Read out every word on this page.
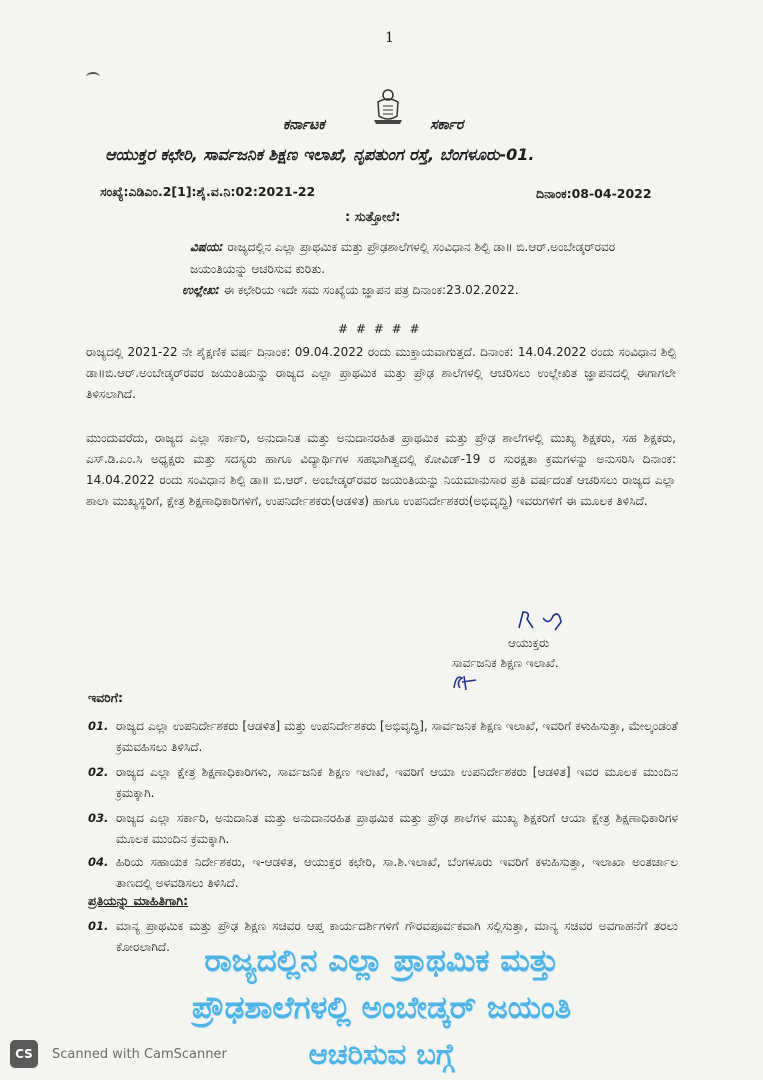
1
ಕರ್ನಾಟಕ	ಸರ್ಕಾರ
ಆಯುಕ್ತರ ಕಛೇರಿ, ಸಾರ್ವಜನಿಕ ಶಿಕ್ಷಣ ಇಲಾಖೆ, ನೃಪತುಂಗ ರಸ್ತೆ, ಬೆಂಗಳೂರು-01.
ಸಂಖ್ಯೆ:ಎಡಿಎಂ.2[1]:ಶೈ.ವ.ನಿ:02:2021-22	ದಿನಾಂಕ:08-04-2022
: ಸುತ್ತೋಲೆ:
ವಿಷಯ: ರಾಜ್ಯದಲ್ಲಿನ ಎಲ್ಲಾ ಪ್ರಾಥಮಿಕ ಮತ್ತು ಪ್ರೌಢಶಾಲೆಗಳಲ್ಲಿ ಸಂವಿಧಾನ ಶಿಲ್ಪಿ ಡಾ॥ ಬಿ.ಆರ್.ಅಂಬೇಡ್ಕರ್‌ರವರ ಜಯಂತಿಯನ್ನು ಆಚರಿಸುವ ಕುರಿತು.
ಉಲ್ಲೇಖ: ಈ ಕಛೇರಿಯ ಇದೇ ಸಮ ಸಂಖ್ಯೆಯ ಜ್ಞಾಪನ ಪತ್ರ ದಿನಾಂಕ:23.02.2022.
# # # # #
ರಾಜ್ಯದಲ್ಲಿ 2021-22 ನೇ ಶೈಕ್ಷಣಿಕ ವರ್ಷ ದಿನಾಂಕ: 09.04.2022 ರಂದು ಮುಕ್ತಾಯವಾಗುತ್ತದೆ. ದಿನಾಂಕ: 14.04.2022 ರಂದು ಸಂವಿಧಾನ ಶಿಲ್ಪಿ ಡಾ॥ಬಿ.ಆರ್.ಅಂಬೇಡ್ಕರ್‌ರವರ ಜಯಂತಿಯನ್ನು ರಾಜ್ಯದ ಎಲ್ಲಾ ಪ್ರಾಥಮಿಕ ಮತ್ತು ಪ್ರೌಢ ಶಾಲೆಗಳಲ್ಲಿ ಆಚರಿಸಲು ಉಲ್ಲೇಖಿತ ಜ್ಞಾಪನದಲ್ಲಿ ಈಗಾಗಲೇ ತಿಳಿಸಲಾಗಿದೆ.
ಮುಂದುವರೆದು, ರಾಜ್ಯದ ಎಲ್ಲಾ ಸರ್ಕಾರಿ, ಅನುದಾನಿತ ಮತ್ತು ಅನುದಾನರಹಿತ ಪ್ರಾಥಮಿಕ ಮತ್ತು ಪ್ರೌಢ ಶಾಲೆಗಳಲ್ಲಿ ಮುಖ್ಯ ಶಿಕ್ಷಕರು, ಸಹ ಶಿಕ್ಷಕರು, ಎಸ್.ಡಿ.ಎಂ.ಸಿ ಅಧ್ಯಕ್ಷರು ಮತ್ತು ಸದಸ್ಯರು ಹಾಗೂ ವಿದ್ಯಾರ್ಥಿಗಳ ಸಹಭಾಗಿತ್ವದಲ್ಲಿ ಕೋವಿಡ್-19 ರ ಸುರಕ್ಷತಾ ಕ್ರಮಗಳನ್ನು ಅನುಸರಿಸಿ ದಿನಾಂಕ: 14.04.2022 ರಂದು ಸಂವಿಧಾನ ಶಿಲ್ಪಿ ಡಾ॥ ಬಿ.ಆರ್. ಅಂಬೇಡ್ಕರ್‌ರವರ ಜಯಂತಿಯನ್ನು ನಿಯಮಾನುಸಾರ ಪ್ರತಿ ವರ್ಷದಂತೆ ಆಚರಿಸಲು ರಾಜ್ಯದ ಎಲ್ಲಾ ಶಾಲಾ ಮುಖ್ಯಸ್ಥರಿಗೆ, ಕ್ಷೇತ್ರ ಶಿಕ್ಷಣಾಧಿಕಾರಿಗಳಿಗೆ, ಉಪನಿರ್ದೇಶಕರು(ಆಡಳಿತ) ಹಾಗೂ ಉಪನಿರ್ದೇಶಕರು(ಅಭಿವೃದ್ಧಿ) ಇವರುಗಳಿಗೆ ಈ ಮೂಲಕ ತಿಳಿಸಿದೆ.
ಆಯುಕ್ತರು
ಸಾರ್ವಜನಿಕ ಶಿಕ್ಷಣ ಇಲಾಖೆ.
ಇವರಿಗೆ:
01. ರಾಜ್ಯದ ಎಲ್ಲಾ ಉಪನಿರ್ದೇಶಕರು [ಆಡಳಿತ] ಮತ್ತು ಉಪನಿರ್ದೇಶಕರು [ಅಭಿವೃದ್ಧಿ], ಸಾರ್ವಜನಿಕ ಶಿಕ್ಷಣ ಇಲಾಖೆ, ಇವರಿಗೆ ಕಳುಹಿಸುತ್ತಾ, ಮೇಲ್ಕಂಡಂತೆ ಕ್ರಮವಹಿಸಲು ತಿಳಿಸಿದೆ.
02. ರಾಜ್ಯದ ಎಲ್ಲಾ ಕ್ಷೇತ್ರ ಶಿಕ್ಷಣಾಧಿಕಾರಿಗಳು, ಸಾರ್ವಜನಿಕ ಶಿಕ್ಷಣ ಇಲಾಖೆ, ಇವರಿಗೆ ಆಯಾ ಉಪನಿರ್ದೇಶಕರು [ಆಡಳಿತ] ಇವರ ಮೂಲಕ ಮುಂದಿನ ಕ್ರಮಕ್ಕಾಗಿ.
03. ರಾಜ್ಯದ ಎಲ್ಲಾ ಸರ್ಕಾರಿ, ಅನುದಾನಿತ ಮತ್ತು ಅನುದಾನರಹಿತ ಪ್ರಾಥಮಿಕ ಮತ್ತು ಪ್ರೌಢ ಶಾಲೆಗಳ ಮುಖ್ಯ ಶಿಕ್ಷಕರಿಗೆ ಆಯಾ ಕ್ಷೇತ್ರ ಶಿಕ್ಷಣಾಧಿಕಾರಿಗಳ ಮೂಲಕ ಮುಂದಿನ ಕ್ರಮಕ್ಕಾಗಿ.
04. ಹಿರಿಯ ಸಹಾಯಕ ನಿರ್ದೇಶಕರು, ಇ-ಆಡಳಿತ, ಆಯುಕ್ತರ ಕಛೇರಿ, ಸಾ.ಶಿ.ಇಲಾಖೆ, ಬೆಂಗಳೂರು ಇವರಿಗೆ ಕಳುಹಿಸುತ್ತಾ, ಇಲಾಖಾ ಅಂತರ್ಜಾಲ ತಾಣದಲ್ಲಿ ಅಳವಡಿಸಲು ತಿಳಿಸಿದೆ.
ಪ್ರತಿಯನ್ನು ಮಾಹಿತಿಗಾಗಿ:
01. ಮಾನ್ಯ ಪ್ರಾಥಮಿಕ ಮತ್ತು ಪ್ರೌಢ ಶಿಕ್ಷಣ ಸಚಿವರ ಆಪ್ತ ಕಾರ್ಯದರ್ಶಿಗಳಿಗೆ ಗೌರವಪೂರ್ವಕವಾಗಿ ಸಲ್ಲಿಸುತ್ತಾ, ಮಾನ್ಯ ಸಚಿವರ ಅವಗಾಹನೆಗೆ ತರಲು ಕೋರಲಾಗಿದೆ.	ರಾಜ್ಯದಲ್ಲಿನ ಎಲ್ಲಾ ಪ್ರಾಥಮಿಕ ಮತ್ತು
ಪ್ರೌಢಶಾಲೆಗಳಲ್ಲಿ ಅಂಬೇಡ್ಕರ್ ಜಯಂತಿ
ಆಚರಿಸುವ ಬಗ್ಗೆ
CS	Scanned with CamScanner
